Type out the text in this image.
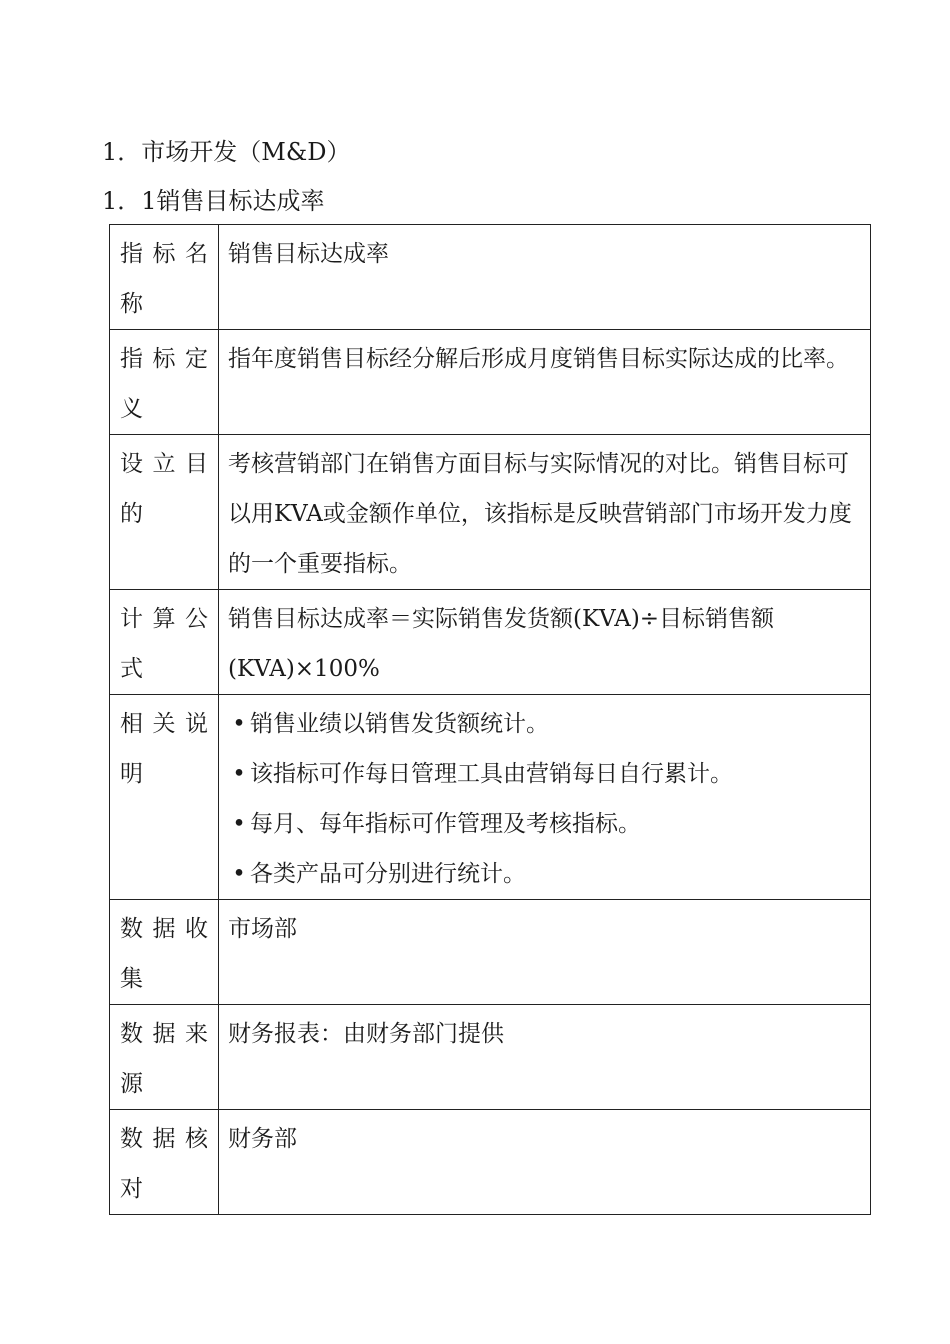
1．市场开发（M&D）
1．1销售目标达成率
指标名称	销售目标达成率
指标定义	指年度销售目标经分解后形成月度销售目标实际达成的比率。
设立目的	考核营销部门在销售方面目标与实际情况的对比。销售目标可以用KVA或金额作单位，该指标是反映营销部门市场开发力度的一个重要指标。
计算公式	销售目标达成率＝实际销售发货额(KVA)÷目标销售额(KVA)×100%
相关说明	• 销售业绩以销售发货额统计。
• 该指标可作每日管理工具由营销每日自行累计。
• 每月、每年指标可作管理及考核指标。
• 各类产品可分别进行统计。

数据收集	市场部
数据来源	财务报表：由财务部门提供
数据核对	财务部
